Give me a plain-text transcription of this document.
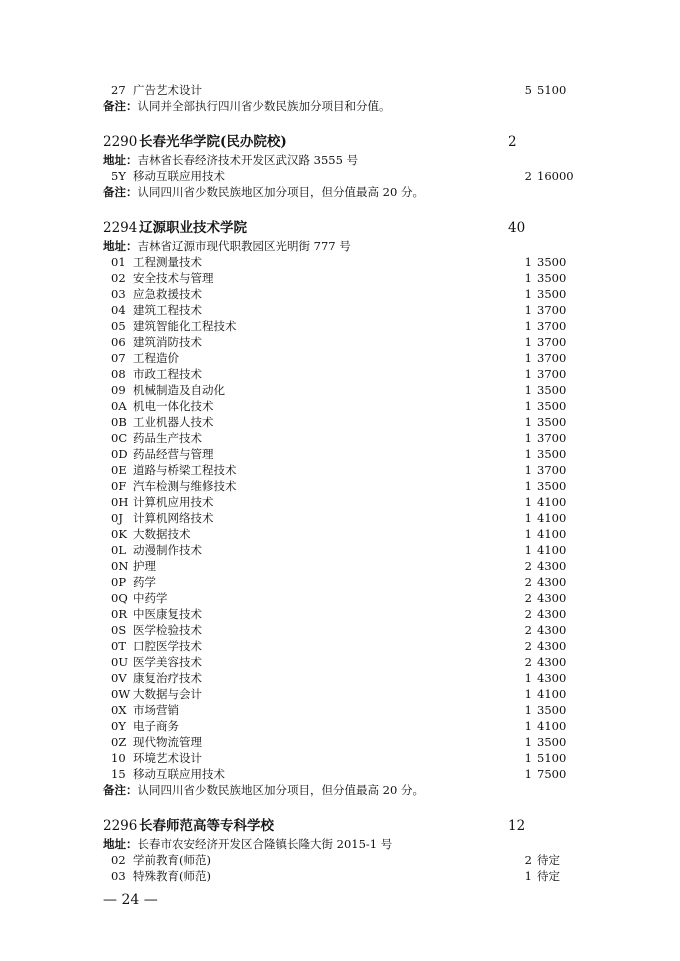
27 广告艺术设计	5 5100
备注：认同并全部执行四川省少数民族加分项目和分值。
2290 长春光华学院(民办院校)	2
地址：吉林省长春经济技术开发区武汉路 3555 号
5Y 移动互联应用技术	2 16000
备注：认同四川省少数民族地区加分项目，但分值最高 20 分。
2294 辽源职业技术学院	40
地址：吉林省辽源市现代职教园区光明街 777 号
01 工程测量技术	1 3500
02 安全技术与管理	1 3500
03 应急救援技术	1 3500
04 建筑工程技术	1 3700
05 建筑智能化工程技术	1 3700
06 建筑消防技术	1 3700
07 工程造价	1 3700
08 市政工程技术	1 3700
09 机械制造及自动化	1 3500
0A 机电一体化技术	1 3500
0B 工业机器人技术	1 3500
0C 药品生产技术	1 3700
0D 药品经营与管理	1 3500
0E 道路与桥梁工程技术	1 3700
0F 汽车检测与维修技术	1 3500
0H 计算机应用技术	1 4100
0J 计算机网络技术	1 4100
0K 大数据技术	1 4100
0L 动漫制作技术	1 4100
0N 护理	2 4300
0P 药学	2 4300
0Q 中药学	2 4300
0R 中医康复技术	2 4300
0S 医学检验技术	2 4300
0T 口腔医学技术	2 4300
0U 医学美容技术	2 4300
0V 康复治疗技术	1 4300
0W 大数据与会计	1 4100
0X 市场营销	1 3500
0Y 电子商务	1 4100
0Z 现代物流管理	1 3500
10 环境艺术设计	1 5100
15 移动互联应用技术	1 7500
备注：认同四川省少数民族地区加分项目，但分值最高 20 分。
2296 长春师范高等专科学校	12
地址：长春市农安经济开发区合隆镇长隆大街 2015-1 号
02 学前教育(师范)	2 待定
03 特殊教育(师范)	1 待定
— 24 —
